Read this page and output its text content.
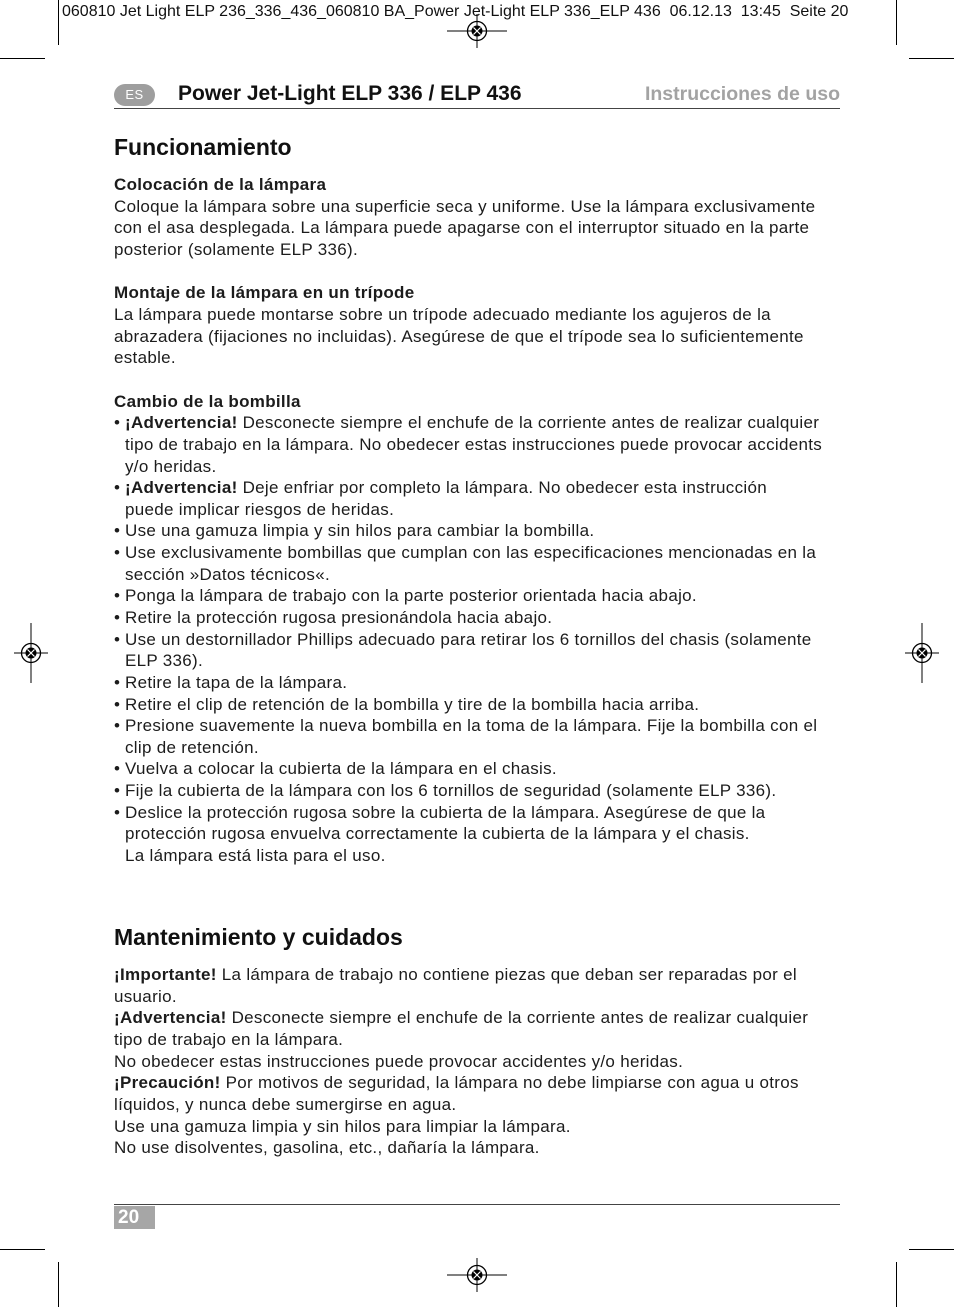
060810 Jet Light ELP 236_336_436_060810 BA_Power Jet-Light ELP 336_ELP 436  06.12.13  13:45  Seite 20
ES	Power Jet-Light ELP 336 / ELP 436	Instrucciones de uso
Funcionamiento
Colocación de la lámpara
Coloque la lámpara sobre una superficie seca y uniforme. Use la lámpara exclusivamente
con el asa desplegada. La lámpara puede apagarse con el interruptor situado en la parte
posterior (solamente ELP 336).
Montaje de la lámpara en un trípode
La lámpara puede montarse sobre un trípode adecuado mediante los agujeros de la
abrazadera (fijaciones no incluidas). Asegúrese de que el trípode sea lo suficientemente
estable.
Cambio de la bombilla
•
¡Advertencia! Desconecte siempre el enchufe de la corriente antes de realizar cualquier
tipo de trabajo en la lámpara. No obedecer estas instrucciones puede provocar accidents
y/o heridas.
•
¡Advertencia! Deje enfriar por completo la lámpara. No obedecer esta instrucción
puede implicar riesgos de heridas.
•
Use una gamuza limpia y sin hilos para cambiar la bombilla.
•
Use exclusivamente bombillas que cumplan con las especificaciones mencionadas en la
sección »Datos técnicos«.
•
Ponga la lámpara de trabajo con la parte posterior orientada hacia abajo.
•
Retire la protección rugosa presionándola hacia abajo.
•
Use un destornillador Phillips adecuado para retirar los 6 tornillos del chasis (solamente
ELP 336).
•
Retire la tapa de la lámpara.
•
Retire el clip de retención de la bombilla y tire de la bombilla hacia arriba.
•
Presione suavemente la nueva bombilla en la toma de la lámpara. Fije la bombilla con el
clip de retención.
•
Vuelva a colocar la cubierta de la lámpara en el chasis.
•
Fije la cubierta de la lámpara con los 6 tornillos de seguridad (solamente ELP 336).
•
Deslice la protección rugosa sobre la cubierta de la lámpara. Asegúrese de que la
protección rugosa envuelva correctamente la cubierta de la lámpara y el chasis.
La lámpara está lista para el uso.
Mantenimiento y cuidados
¡Importante! La lámpara de trabajo no contiene piezas que deban ser reparadas por el
usuario.
¡Advertencia! Desconecte siempre el enchufe de la corriente antes de realizar cualquier
tipo de trabajo en la lámpara.
No obedecer estas instrucciones puede provocar accidentes y/o heridas.
¡Precaución! Por motivos de seguridad, la lámpara no debe limpiarse con agua u otros
líquidos, y nunca debe sumergirse en agua.
Use una gamuza limpia y sin hilos para limpiar la lámpara.
No use disolventes, gasolina, etc., dañaría la lámpara.
20
